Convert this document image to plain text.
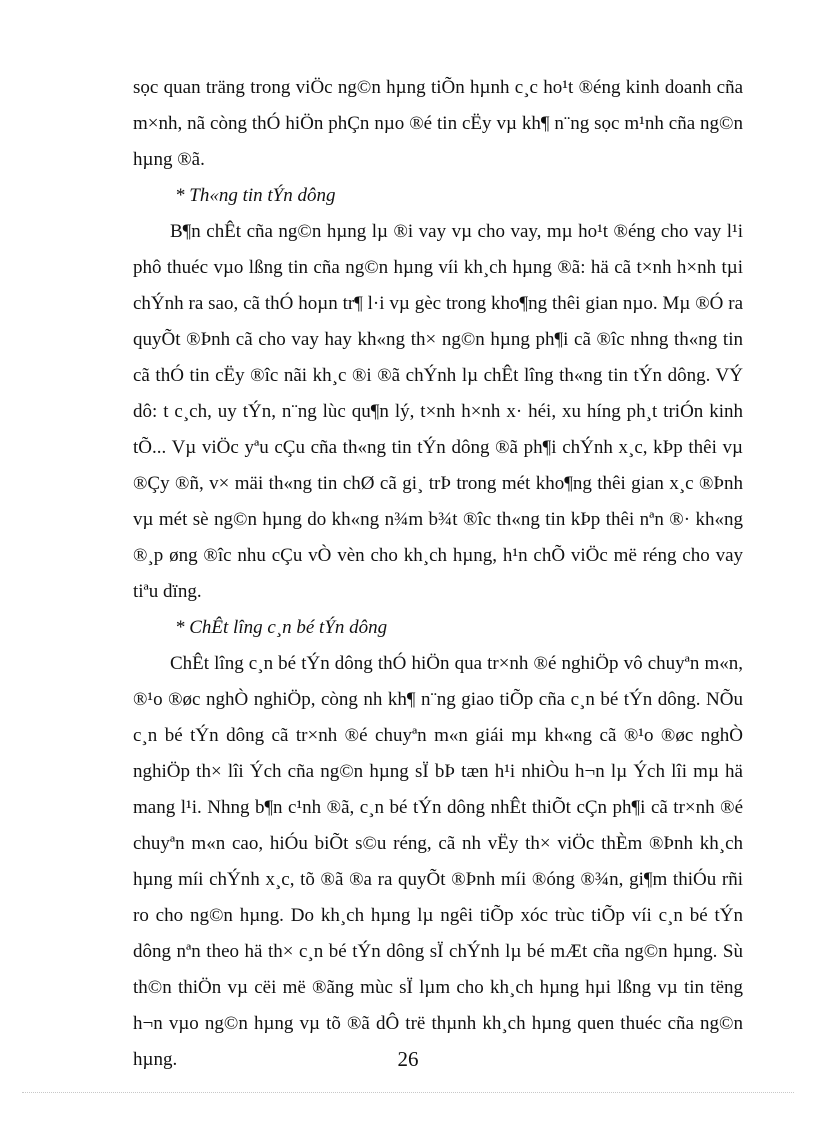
sọc quan träng trong viÖc ng©n hµng tiÕn hµnh c¸c ho¹t ®éng kinh doanh cña
m×nh, nã còng thÓ hiÖn phÇn nµo ®é tin cËy vµ kh¶ n¨ng sọc m¹nh cña ng©n
hµng ®ã.
* Th«ng tin tÝn dông
B¶n chÊt cña ng©n hµng lµ ®i vay vµ cho vay, mµ ho¹t ®éng cho vay l¹i
phô thuéc vµo lßng tin cña ng©n hµng víi kh¸ch hµng ®ã: hä cã t×nh h×nh tµi
chÝnh ra sao, cã thÓ hoµn tr¶ l·i vµ gèc trong kho¶ng thêi gian nµo. Mµ ®Ó ra
quyÕt ®Þnh cã cho vay hay kh«ng th× ng©n hµng ph¶i cã ®îc nhng th«ng tin
cã thÓ tin cËy ®îc nãi kh¸c ®i ®ã chÝnh lµ chÊt lîng th«ng tin tÝn dông. VÝ
dô: t c¸ch, uy tÝn, n¨ng lùc qu¶n lý, t×nh h×nh x· héi, xu híng ph¸t triÓn kinh
tÕ... Vµ viÖc yªu cÇu cña th«ng tin tÝn dông ®ã ph¶i chÝnh x¸c, kÞp thêi vµ
®Çy ®ñ, v× mäi th«ng tin chØ cã gi¸ trÞ trong mét kho¶ng thêi gian x¸c ®Þnh
vµ mét sè ng©n hµng do kh«ng n¾m b¾t ®îc th«ng tin kÞp thêi nªn ®· kh«ng
®¸p øng ®îc nhu cÇu vÒ vèn cho kh¸ch hµng, h¹n chÕ viÖc më réng cho vay
tiªu dïng.
* ChÊt lîng c¸n bé tÝn dông
ChÊt lîng c¸n bé tÝn dông thÓ hiÖn qua tr×nh ®é nghiÖp vô chuyªn m«n,
®¹o ®øc nghÒ nghiÖp, còng nh kh¶ n¨ng giao tiÕp cña c¸n bé tÝn dông. NÕu
c¸n bé tÝn dông cã tr×nh ®é chuyªn m«n giái mµ kh«ng cã ®¹o ®øc nghÒ
nghiÖp th× lîi Ých cña ng©n hµng sÏ bÞ tæn h¹i nhiÒu h¬n lµ Ých lîi mµ hä
mang l¹i. Nhng b¶n c¹nh ®ã, c¸n bé tÝn dông nhÊt thiÕt cÇn ph¶i cã tr×nh ®é
chuyªn m«n cao, hiÓu biÕt s©u réng, cã nh vËy th× viÖc thÈm ®Þnh kh¸ch
hµng míi chÝnh x¸c, tõ ®ã ®a ra quyÕt ®Þnh míi ®óng ®¾n, gi¶m thiÓu rñi
ro cho ng©n hµng. Do kh¸ch hµng lµ ngêi tiÕp xóc trùc tiÕp víi c¸n bé tÝn
dông nªn theo hä th× c¸n bé tÝn dông sÏ chÝnh lµ bé mÆt cña ng©n hµng. Sù
th©n thiÖn vµ cëi më ®ãng mùc sÏ lµm cho kh¸ch hµng hµi lßng vµ tin tëng
h¬n vµo ng©n hµng vµ tõ ®ã dÔ trë thµnh kh¸ch hµng quen thuéc cña ng©n
hµng.	26
